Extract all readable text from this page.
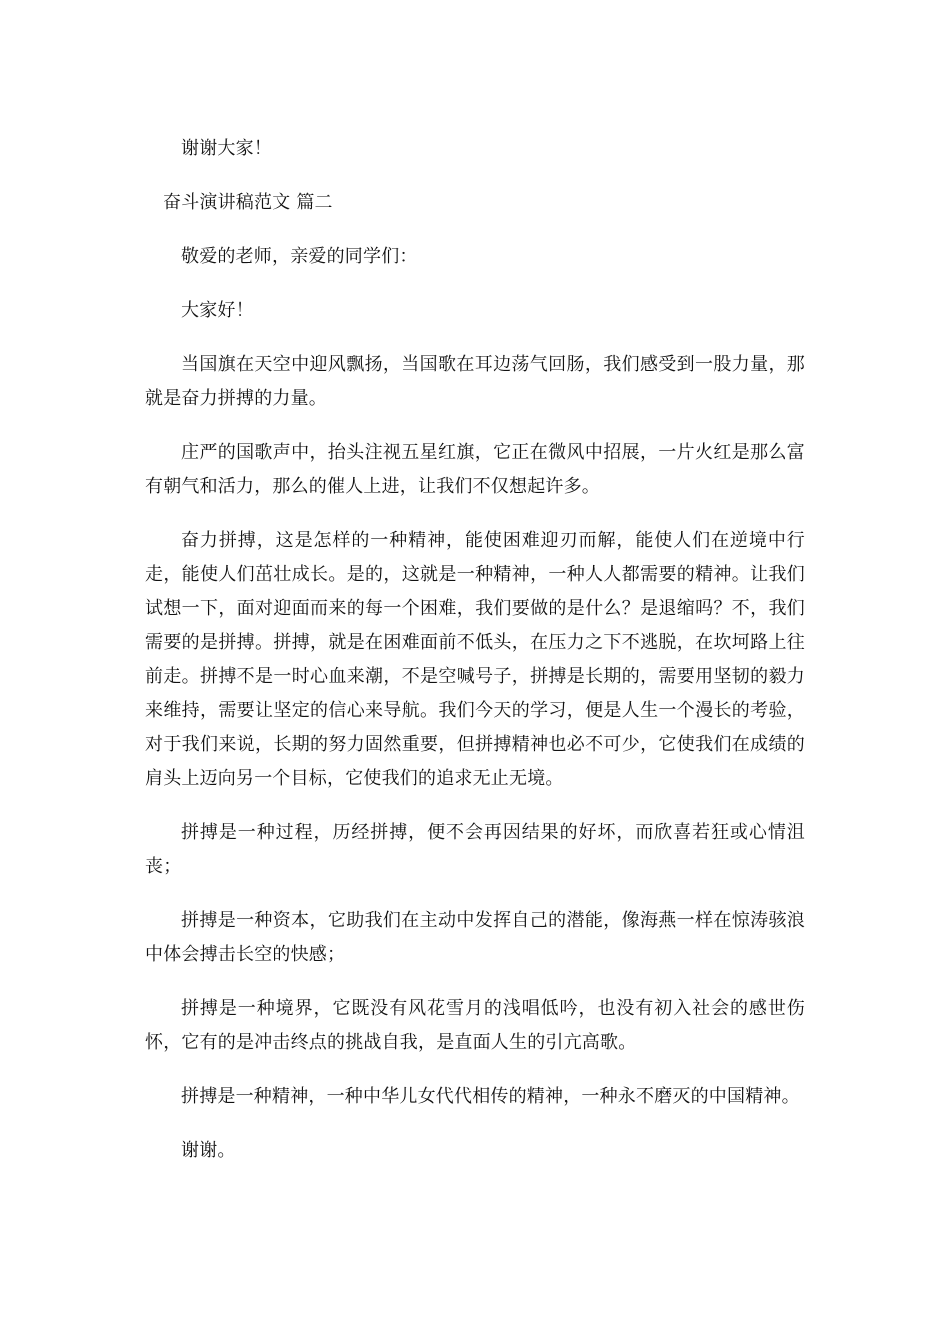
谢谢大家！

奋斗演讲稿范文 篇二

敬爱的老师，亲爱的同学们：

大家好！

当国旗在天空中迎风飘扬，当国歌在耳边荡气回肠，我们感受到一股力量，那就是奋力拼搏的力量。

庄严的国歌声中，抬头注视五星红旗，它正在微风中招展，一片火红是那么富有朝气和活力，那么的催人上进，让我们不仅想起许多。

奋力拼搏，这是怎样的一种精神，能使困难迎刃而解，能使人们在逆境中行走，能使人们茁壮成长。是的，这就是一种精神，一种人人都需要的精神。让我们试想一下，面对迎面而来的每一个困难，我们要做的是什么？是退缩吗？不，我们需要的是拼搏。拼搏，就是在困难面前不低头，在压力之下不逃脱，在坎坷路上往前走。拼搏不是一时心血来潮，不是空喊号子，拼搏是长期的，需要用坚韧的毅力来维持，需要让坚定的信心来导航。我们今天的学习，便是人生一个漫长的考验，对于我们来说，长期的努力固然重要，但拼搏精神也必不可少，它使我们在成绩的肩头上迈向另一个目标，它使我们的追求无止无境。

拼搏是一种过程，历经拼搏，便不会再因结果的好坏，而欣喜若狂或心情沮丧；

拼搏是一种资本，它助我们在主动中发挥自己的潜能，像海燕一样在惊涛骇浪中体会搏击长空的快感；

拼搏是一种境界，它既没有风花雪月的浅唱低吟，也没有初入社会的感世伤怀，它有的是冲击终点的挑战自我，是直面人生的引亢高歌。

拼搏是一种精神，一种中华儿女代代相传的精神，一种永不磨灭的中国精神。

谢谢。
